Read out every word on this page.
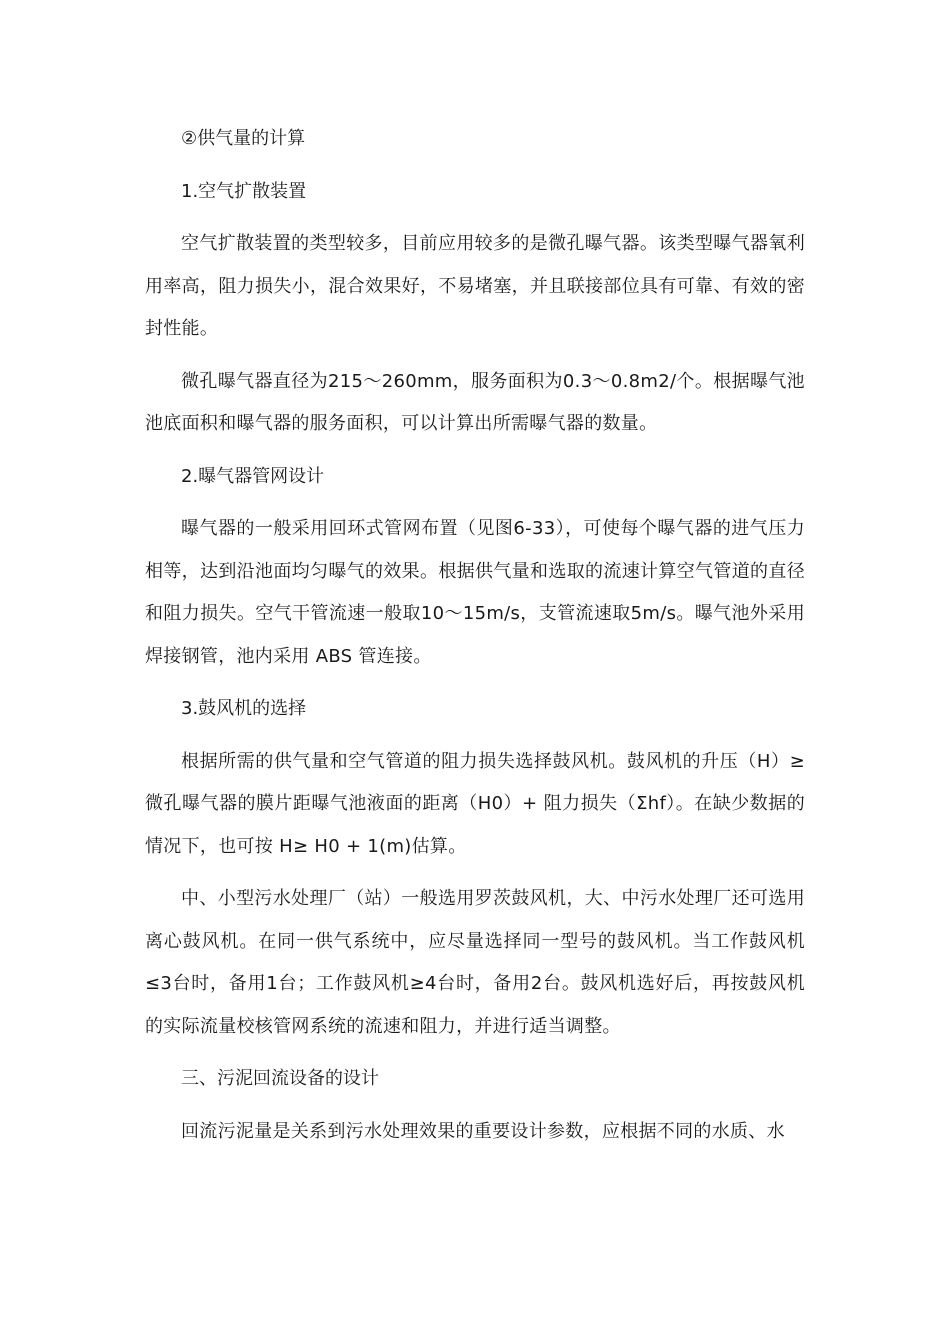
②供气量的计算

1.空气扩散装置

空气扩散装置的类型较多，目前应用较多的是微孔曝气器。该类型曝气器氧利用率高，阻力损失小，混合效果好，不易堵塞，并且联接部位具有可靠、有效的密封性能。

微孔曝气器直径为215～260mm，服务面积为0.3～0.8m2/个。根据曝气池池底面积和曝气器的服务面积，可以计算出所需曝气器的数量。

2.曝气器管网设计

曝气器的一般采用回环式管网布置（见图6-33），可使每个曝气器的进气压力相等，达到沿池面均匀曝气的效果。根据供气量和选取的流速计算空气管道的直径和阻力损失。空气干管流速一般取10～15m/s，支管流速取5m/s。曝气池外采用焊接钢管，池内采用 ABS 管连接。

3.鼓风机的选择

根据所需的供气量和空气管道的阻力损失选择鼓风机。鼓风机的升压（H）≥ 微孔曝气器的膜片距曝气池液面的距离（H0）+ 阻力损失（Σhf）。在缺少数据的情况下，也可按 H≥ H0 + 1(m)估算。

中、小型污水处理厂（站）一般选用罗茨鼓风机，大、中污水处理厂还可选用离心鼓风机。在同一供气系统中，应尽量选择同一型号的鼓风机。当工作鼓风机≤3台时，备用1台；工作鼓风机≥4台时，备用2台。鼓风机选好后，再按鼓风机的实际流量校核管网系统的流速和阻力，并进行适当调整。

三、污泥回流设备的设计

回流污泥量是关系到污水处理效果的重要设计参数，应根据不同的水质、水
